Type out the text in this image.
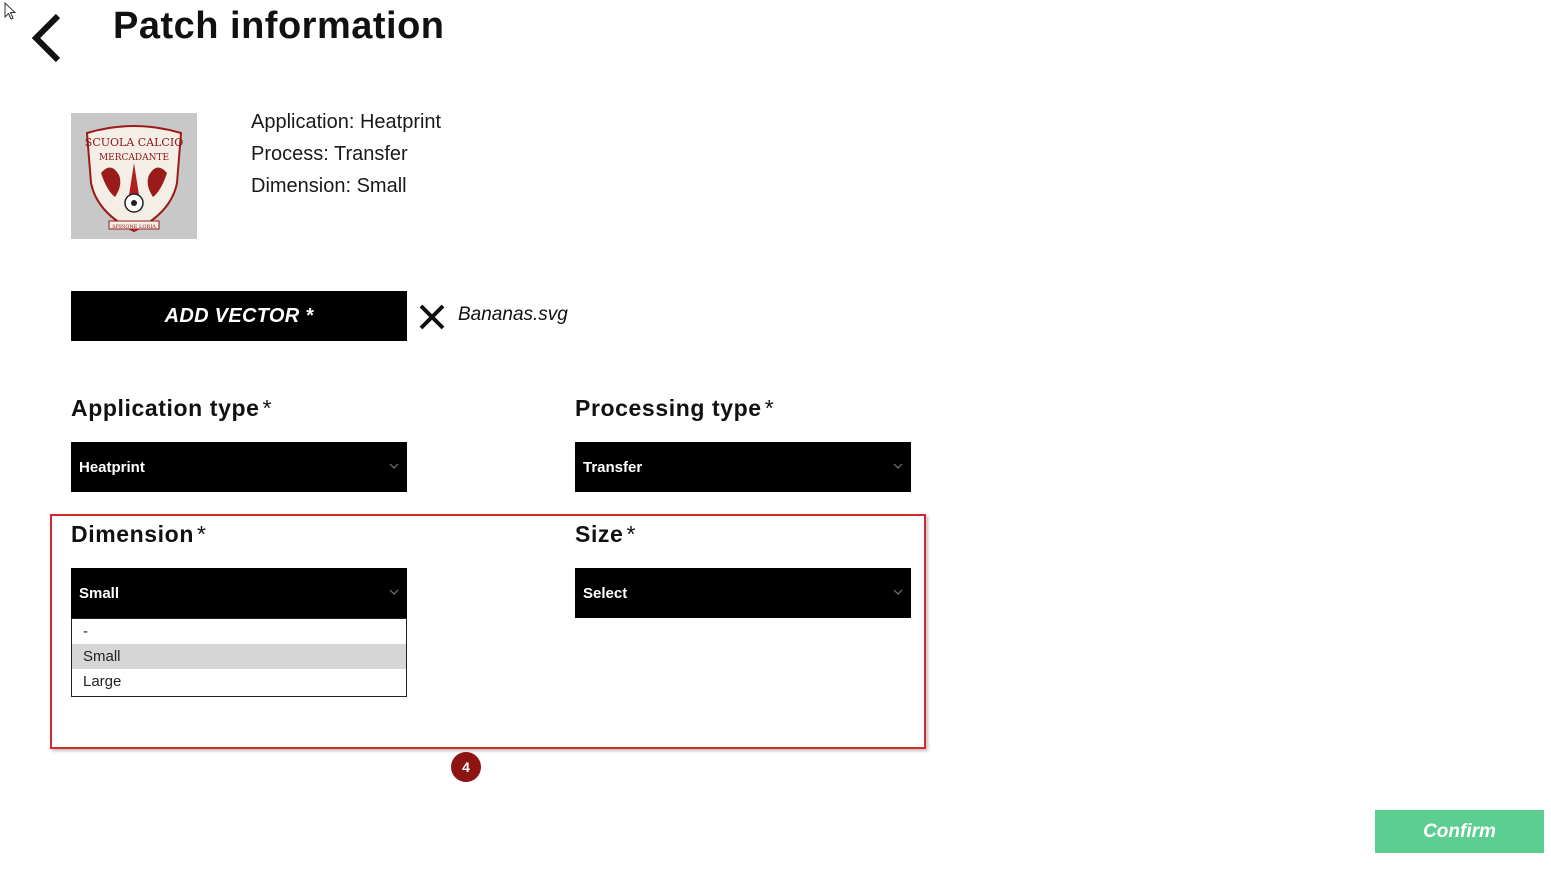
Patch information
SCUOLA CALCIO
MERCADANTE
SPINONE LORIA
Application: Heatprint
Process: Transfer
Dimension: Small
ADD VECTOR *	Bananas.svg
Application type *
Heatprint
Processing type *
Transfer
Dimension *
Small
-
Small
Large
Size *
Select
4
Confirm
